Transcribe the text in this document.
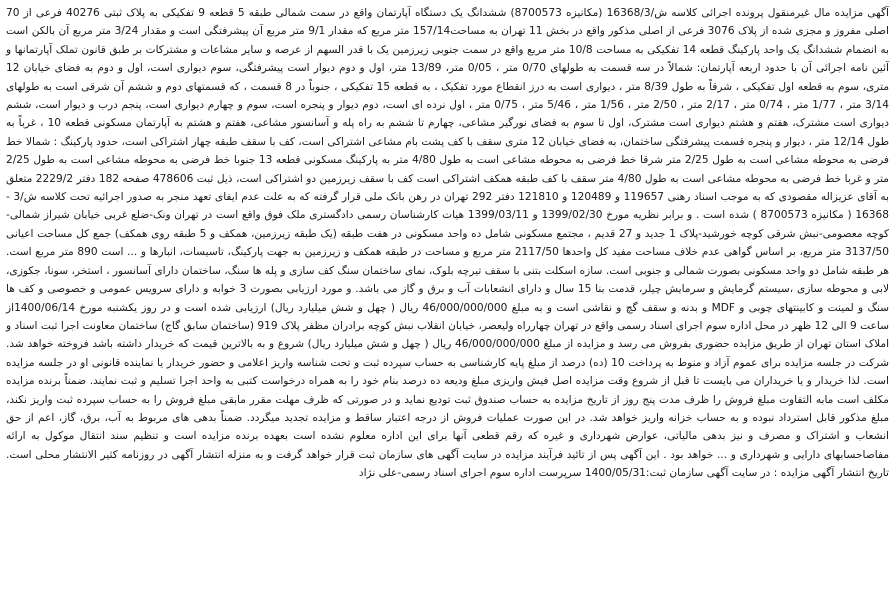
آگهی مزایده مال غیرمنقول پرونده اجرائی کلاسه ش/16368/3 (مکانیزه 8700573) ششدانگ یک دستگاه آپارتمان واقع در سمت شمالی طبقه 5 قطعه 9 تفکیکی به پلاک ثبتی 40276 فرعی از 70 اصلی مفروز و مجزی شده از پلاک 3076 فرعی از اصلی مذکور واقع در بخش 11 تهران به مساحت157/14 متر مربع که مقدار 9/1 متر مربع آن پیشرفتگی است و مقدار 3/24 متر مربع آن بالکن است به انضمام ششدانگ یک واحد پارکینگ قطعه 14 تفکیکی به مساحت 10/8 متر مربع واقع در سمت جنوبی زیرزمین یک با قدر السهم از عرصه و سایر مشاعات و مشترکات بر طبق قانون تملک آپارتمانها و آئین نامه اجرائی آن با حدود اربعه آپارتمان: شمالاً در سه قسمت به طولهای 0/70 متر ، 0/05 متر، 13/89 متر، اول و دوم دیوار است پیشرفتگی، سوم دیواری است، اول و دوم به فضای خیابان 12 متری، سوم به قطعه اول تفکیکی ، شرقاً به طول 8/39 متر ، دیواری است به درز انقطاع مورد تفکیک ، به قطعه 15 تفکیکی ، جنوباً در 8 قسمت ، که قسمتهای دوم و ششم آن شرقی است به طولهای 3/14 متر ، 1/77 متر ، 0/74 متر ، 2/17 متر ، 2/50 متر ، 1/56 متر ، 5/46 متر ، 0/75 متر ، اول نرده ای است، دوم دیوار و پنجره است، سوم و چهارم دیواری است، پنجم درب و دیوار است، ششم دیواری است مشترک، هفتم و هشتم دیواری است مشترک، اول تا سوم به فضای نورگیر مشاعی، چهارم تا ششم به راه پله و آسانسور مشاعی، هفتم و هشتم به آپارتمان مسکونی قطعه 10 ، غرباً به طول 12/14 متر ، دیوار و پنجره قسمت پیشرفتگی ساختمان، به فضای خیابان 12 متری سقف با کف پشت بام مشاعی اشتراکی است، کف با سقف طبقه چهار اشتراکی است، حدود پارکینگ : شمالا خط فرضی به محوطه مشاعی است به طول 2/25 متر شرقا خط فرضی به محوطه مشاعی است به طول 4/80 متر به پارکینگ مسکونی قطعه 13 جنوبا خط فرضی به محوطه مشاعی است به طول 2/25 متر و غربا خط فرضی به محوطه مشاعی است به طول 4/80 متر سقف با کف طبقه همکف اشتراکی است کف با سقف زیرزمین دو اشتراکی است، ذیل ثبت 478606 صفحه 182 دفتر 2229/2 متعلق به آقای عزیزاله مقصودی که به موجب اسناد رهنی 119657 و 120489 و 121810 دفتر 292 تهران در رهن بانک ملی قرار گرفته که به علت عدم ایفای تعهد منجر به صدور اجرائیه تحت کلاسه ش/3 - 16368 ( مکانیزه 8700573 ) شده است . و برابر نظریه مورخ 1399/02/30 و 1399/03/11 هیات کارشناسان رسمی دادگستری ملک فوق واقع است در تهران ونک-ضلع غربی خیابان شیراز شمالی-کوچه معصومی-نبش شرقی کوچه خورشید-پلاک 1 جدید و 27 قدیم ، مجتمع مسکونی شامل ده واحد مسکونی در هفت طبقه (یک طبقه زیرزمین، همکف و 5 طبقه روی همکف) جمع کل مساحت اعیانی 3137/50 متر مربع، بر اساس گواهی عدم خلاف مساحت مفید کل واحدها 2117/50 متر مربع و مساحت در طبقه همکف و زیرزمین به جهت پارکینگ، تاسیسات، انبارها و ... است 890 متر مربع است. هر طبقه شامل دو واحد مسکونی بصورت شمالی و جنوبی است. سازه اسکلت بتنی با سقف تیرچه بلوک، نمای ساختمان سنگ کف سازی و پله ها سنگ، ساختمان دارای آسانسور ، استخر، سونا، جکوزی، لابی و محوطه سازی ،سیستم گرمایش و سرمایش چیلر، قدمت بنا 15 سال و دارای انشعابات آب و برق و گاز می باشد. و مورد ارزیابی بصورت 3 خوابه و دارای سرویس عمومی و خصوصی و کف ها سنگ و لمینت و کابینتهای چوبی و MDF و بدنه و سقف گچ و نقاشی است و به مبلغ 46/000/000/000 ریال ( چهل و شش میلیارد ریال) ارزیابی شده است و در روز یکشنبه مورخ 1400/06/14از ساعت 9 الی 12 ظهر در محل اداره سوم اجرای اسناد رسمی واقع در تهران چهارراه ولیعصر، خیابان انقلاب نبش کوچه برادران مظفر پلاک 919 (ساختمان سابق گاج) ساختمان معاونت اجرا ثبت اسناد و املاک استان تهران از طریق مزایده حضوری بفروش می رسد و مزایده از مبلغ 46/000/000/000 ریال ( چهل و شش میلیارد ریال) شروع و به بالاترین قیمت که خریدار داشته باشد فروخته خواهد شد. شرکت در جلسه مزایده برای عموم آزاد و منوط به پرداخت 10 (ده) درصد از مبلغ پایه کارشناسی به حساب سپرده ثبت و تحت شناسه واریز اعلامی و حضور خریدار یا نماینده قانونی او در جلسه مزایده است. لذا خریدار و یا خریداران می بایست تا قبل از شروع وقت مزایده اصل فیش واریزی مبلغ ودیعه ده درصد بنام خود را به همراه درخواست کتبی به واحد اجرا تسلیم و ثبت نمایند. ضمناً برنده مزایده مکلف است مابه التفاوت مبلغ فروش را ظرف مدت پنج روز از تاریخ مزایده به حساب صندوق ثبت تودیع نماید و در صورتی که ظرف مهلت مقرر مابقی مبلغ فروش را به حساب سپرده ثبت واریز نکند، مبلغ مذکور قابل استرداد نبوده و به حساب خزانه واریز خواهد شد. در این صورت عملیات فروش از درجه اعتبار ساقط و مزایده تجدید میگردد. ضمناً بدهی های مربوط به آب، برق، گاز، اعم از حق انشعاب و اشتراک و مصرف و نیز بدهی مالیاتی، عوارض شهرداری و غیره که رقم قطعی آنها برای این اداره معلوم نشده است بعهده برنده مزایده است و تنظیم سند انتقال موکول به ارائه مفاصاحسابهای دارایی و شهرداری و ... خواهد بود . این آگهی پس از تائید فرآیند مزایده در سایت آگهی های سازمان ثبت قرار خواهد گرفت و به منزله انتشار آگهی در روزنامه کثیر الانتشار محلی است. تاریخ انتشار آگهی مزایده : در سایت آگهی سازمان ثبت:1400/05/31 سرپرست اداره سوم اجرای اسناد رسمی-علی نژاد
